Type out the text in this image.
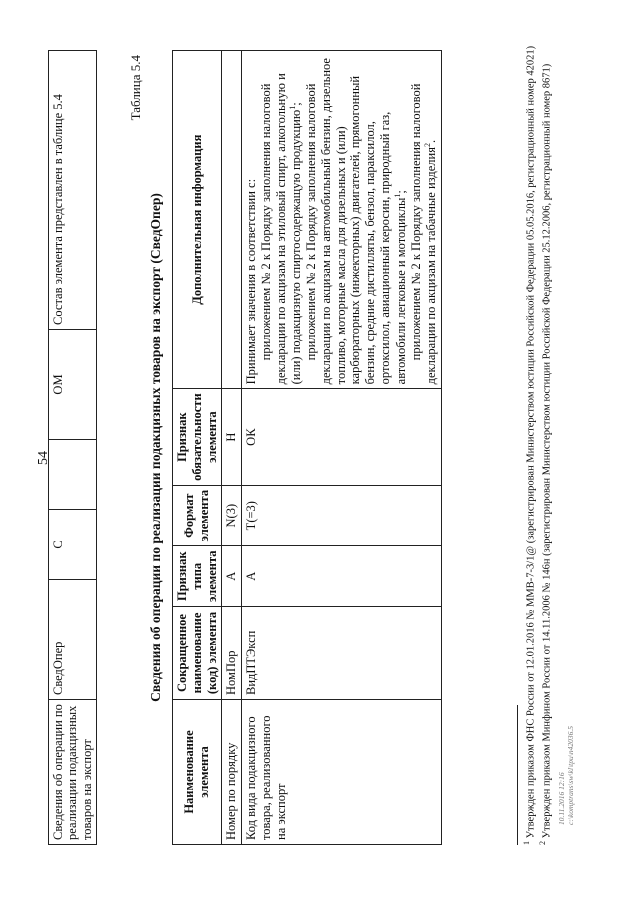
54
Сведения об операции по реализации подакцизных товаров на экспорт	СведОпер	С		ОМ	Состав элемента представлен в таблице 5.4
Таблица 5.4
Сведения об операции по реализации подакцизных товаров на экспорт (СведОпер)
Наименование элемента	Сокращенное наименование (код) элемента	Признак типа элемента	Формат элемента	Признак обязательности элемента	Дополнительная информация
Номер по порядку	НомПор	А	N(3)	Н	
Код вида подакцизного товара, реализованного на экспорт	ВидПТЭксп	А	T(=3)	ОК	Принимает значения в соответствии с: приложением № 2 к Порядку заполнения налоговой декларации по акцизам на этиловый спирт, алкогольную и (или) подакцизную спиртосодержащую продукцию$^1$; приложением № 2 к Порядку заполнения налоговой декларации по акцизам на автомобильный бензин, дизельное топливо, моторные масла для дизельных и (или) карбюраторных (инжекторных) двигателей, прямогонный бензин, средние дистилляты, бензол, параксилол, ортоксилол, авиационный керосин, природный газ, автомобили легковые и мотоциклы$^1$; приложением № 2 к Порядку заполнения налоговой декларации по акцизам на табачные изделия$^2$.

$^1$ Утвержден приказом ФНС России от 12.01.2016 № ММВ-7-3/1@ (зарегистрирован Министерством юстиции Российской Федерации 05.05.2016, регистрационный номер 42021)
$^2$ Утвержден приказом Минфином России от 14.11.2006 № 146н (зарегистрирован Министерством юстиции Российской Федерации 25.12.2006, регистрационный номер 8671) 10.11.2016 12:16 с:\komptrans\sw\kl\tpu\n42036.5
